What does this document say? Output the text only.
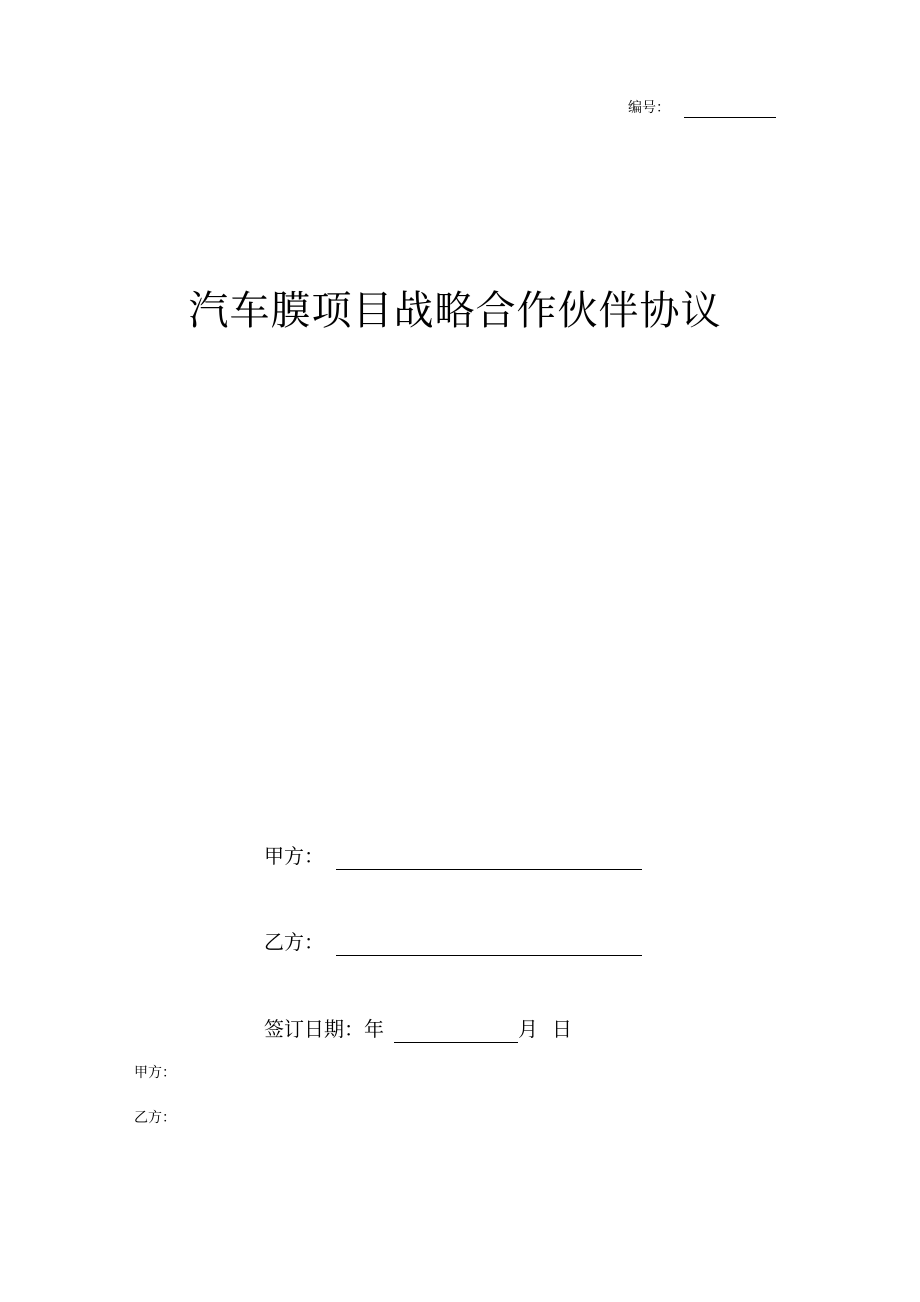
编号：
汽车膜项目战略合作伙伴协议
甲方：
乙方：
签订日期：年	月 日
甲方：
乙方：
